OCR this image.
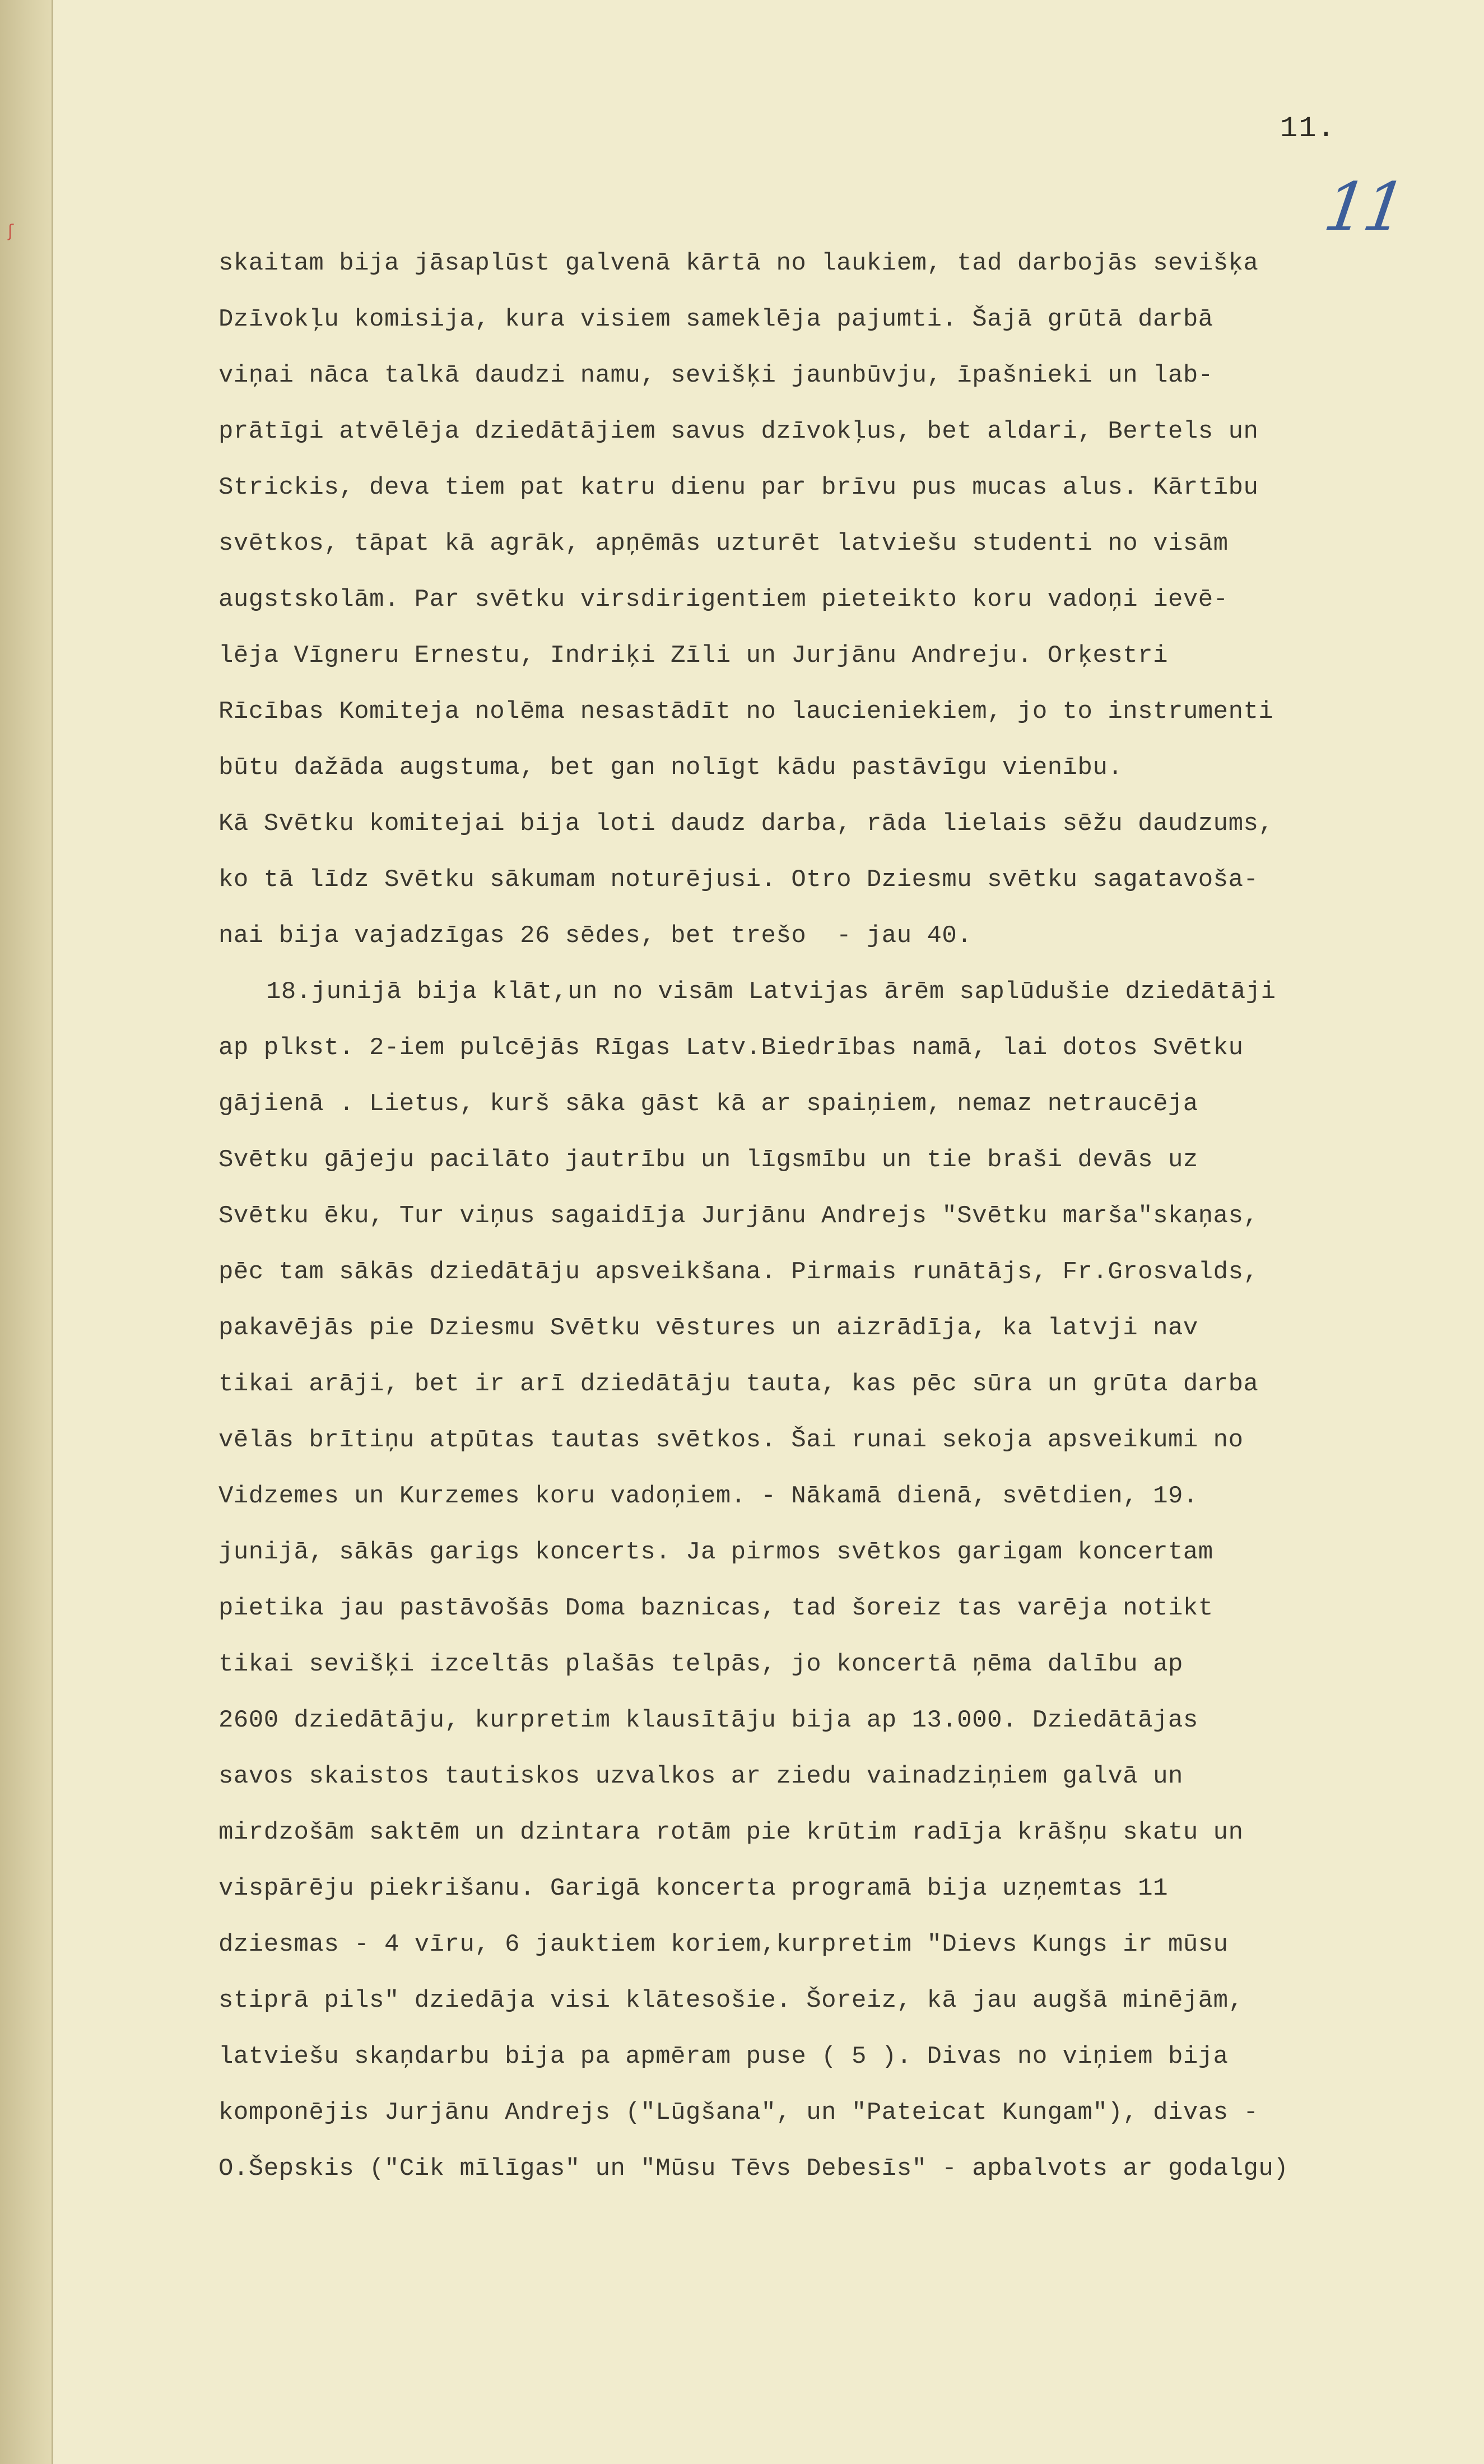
ʃ
11.
11
skaitam bija jāsaplūst galvenā kārtā no laukiem, tad darbojās sevišķa
Dzīvokļu komisija, kura visiem sameklēja pajumti. Šajā grūtā darbā
viņai nāca talkā daudzi namu, sevišķi jaunbūvju, īpašnieki un lab-
prātīgi atvēlēja dziedātājiem savus dzīvokļus, bet aldari, Bertels un
Strickis, deva tiem pat katru dienu par brīvu pus mucas alus. Kārtību
svētkos, tāpat kā agrāk, apņēmās uzturēt latviešu studenti no visām
augstskolām. Par svētku virsdirigentiem pieteikto koru vadoņi ievē-
lēja Vīgneru Ernestu, Indriķi Zīli un Jurjānu Andreju. Orķestri
Rīcības Komiteja nolēma nesastādīt no laucieniekiem, jo to instrumenti
būtu dažāda augstuma, bet gan nolīgt kādu pastāvīgu vienību.
Kā Svētku komitejai bija loti daudz darba, rāda lielais sēžu daudzums,
ko tā līdz Svētku sākumam noturējusi. Otro Dziesmu svētku sagatavoša-
nai bija vajadzīgas 26 sēdes, bet trešo  - jau 40.
18.junijā bija klāt,un no visām Latvijas ārēm saplūdušie dziedātāji
ap plkst. 2-iem pulcējās Rīgas Latv.Biedrības namā, lai dotos Svētku
gājienā . Lietus, kurš sāka gāst kā ar spaiņiem, nemaz netraucēja
Svētku gājeju pacilāto jautrību un līgsmību un tie braši devās uz
Svētku ēku, Tur viņus sagaidīja Jurjānu Andrejs "Svētku marša"skaņas,
pēc tam sākās dziedātāju apsveikšana. Pirmais runātājs, Fr.Grosvalds,
pakavējās pie Dziesmu Svētku vēstures un aizrādīja, ka latvji nav
tikai arāji, bet ir arī dziedātāju tauta, kas pēc sūra un grūta darba
vēlās brītiņu atpūtas tautas svētkos. Šai runai sekoja apsveikumi no
Vidzemes un Kurzemes koru vadoņiem. - Nākamā dienā, svētdien, 19.
junijā, sākās garigs koncerts. Ja pirmos svētkos garigam koncertam
pietika jau pastāvošās Doma baznicas, tad šoreiz tas varēja notikt
tikai sevišķi izceltās plašās telpās, jo koncertā ņēma dalību ap
2600 dziedātāju, kurpretim klausītāju bija ap 13.000. Dziedātājas
savos skaistos tautiskos uzvalkos ar ziedu vainadziņiem galvā un
mirdzošām saktēm un dzintara rotām pie krūtim radīja krāšņu skatu un
vispārēju piekrišanu. Garigā koncerta programā bija uzņemtas 11
dziesmas - 4 vīru, 6 jauktiem koriem,kurpretim "Dievs Kungs ir mūsu
stiprā pils" dziedāja visi klātesošie. Šoreiz, kā jau augšā minējām,
latviešu skaņdarbu bija pa apmēram puse ( 5 ). Divas no viņiem bija
komponējis Jurjānu Andrejs ("Lūgšana", un "Pateicat Kungam"), divas -
O.Šepskis ("Cik mīlīgas" un "Mūsu Tēvs Debesīs" - apbalvots ar godalgu)
